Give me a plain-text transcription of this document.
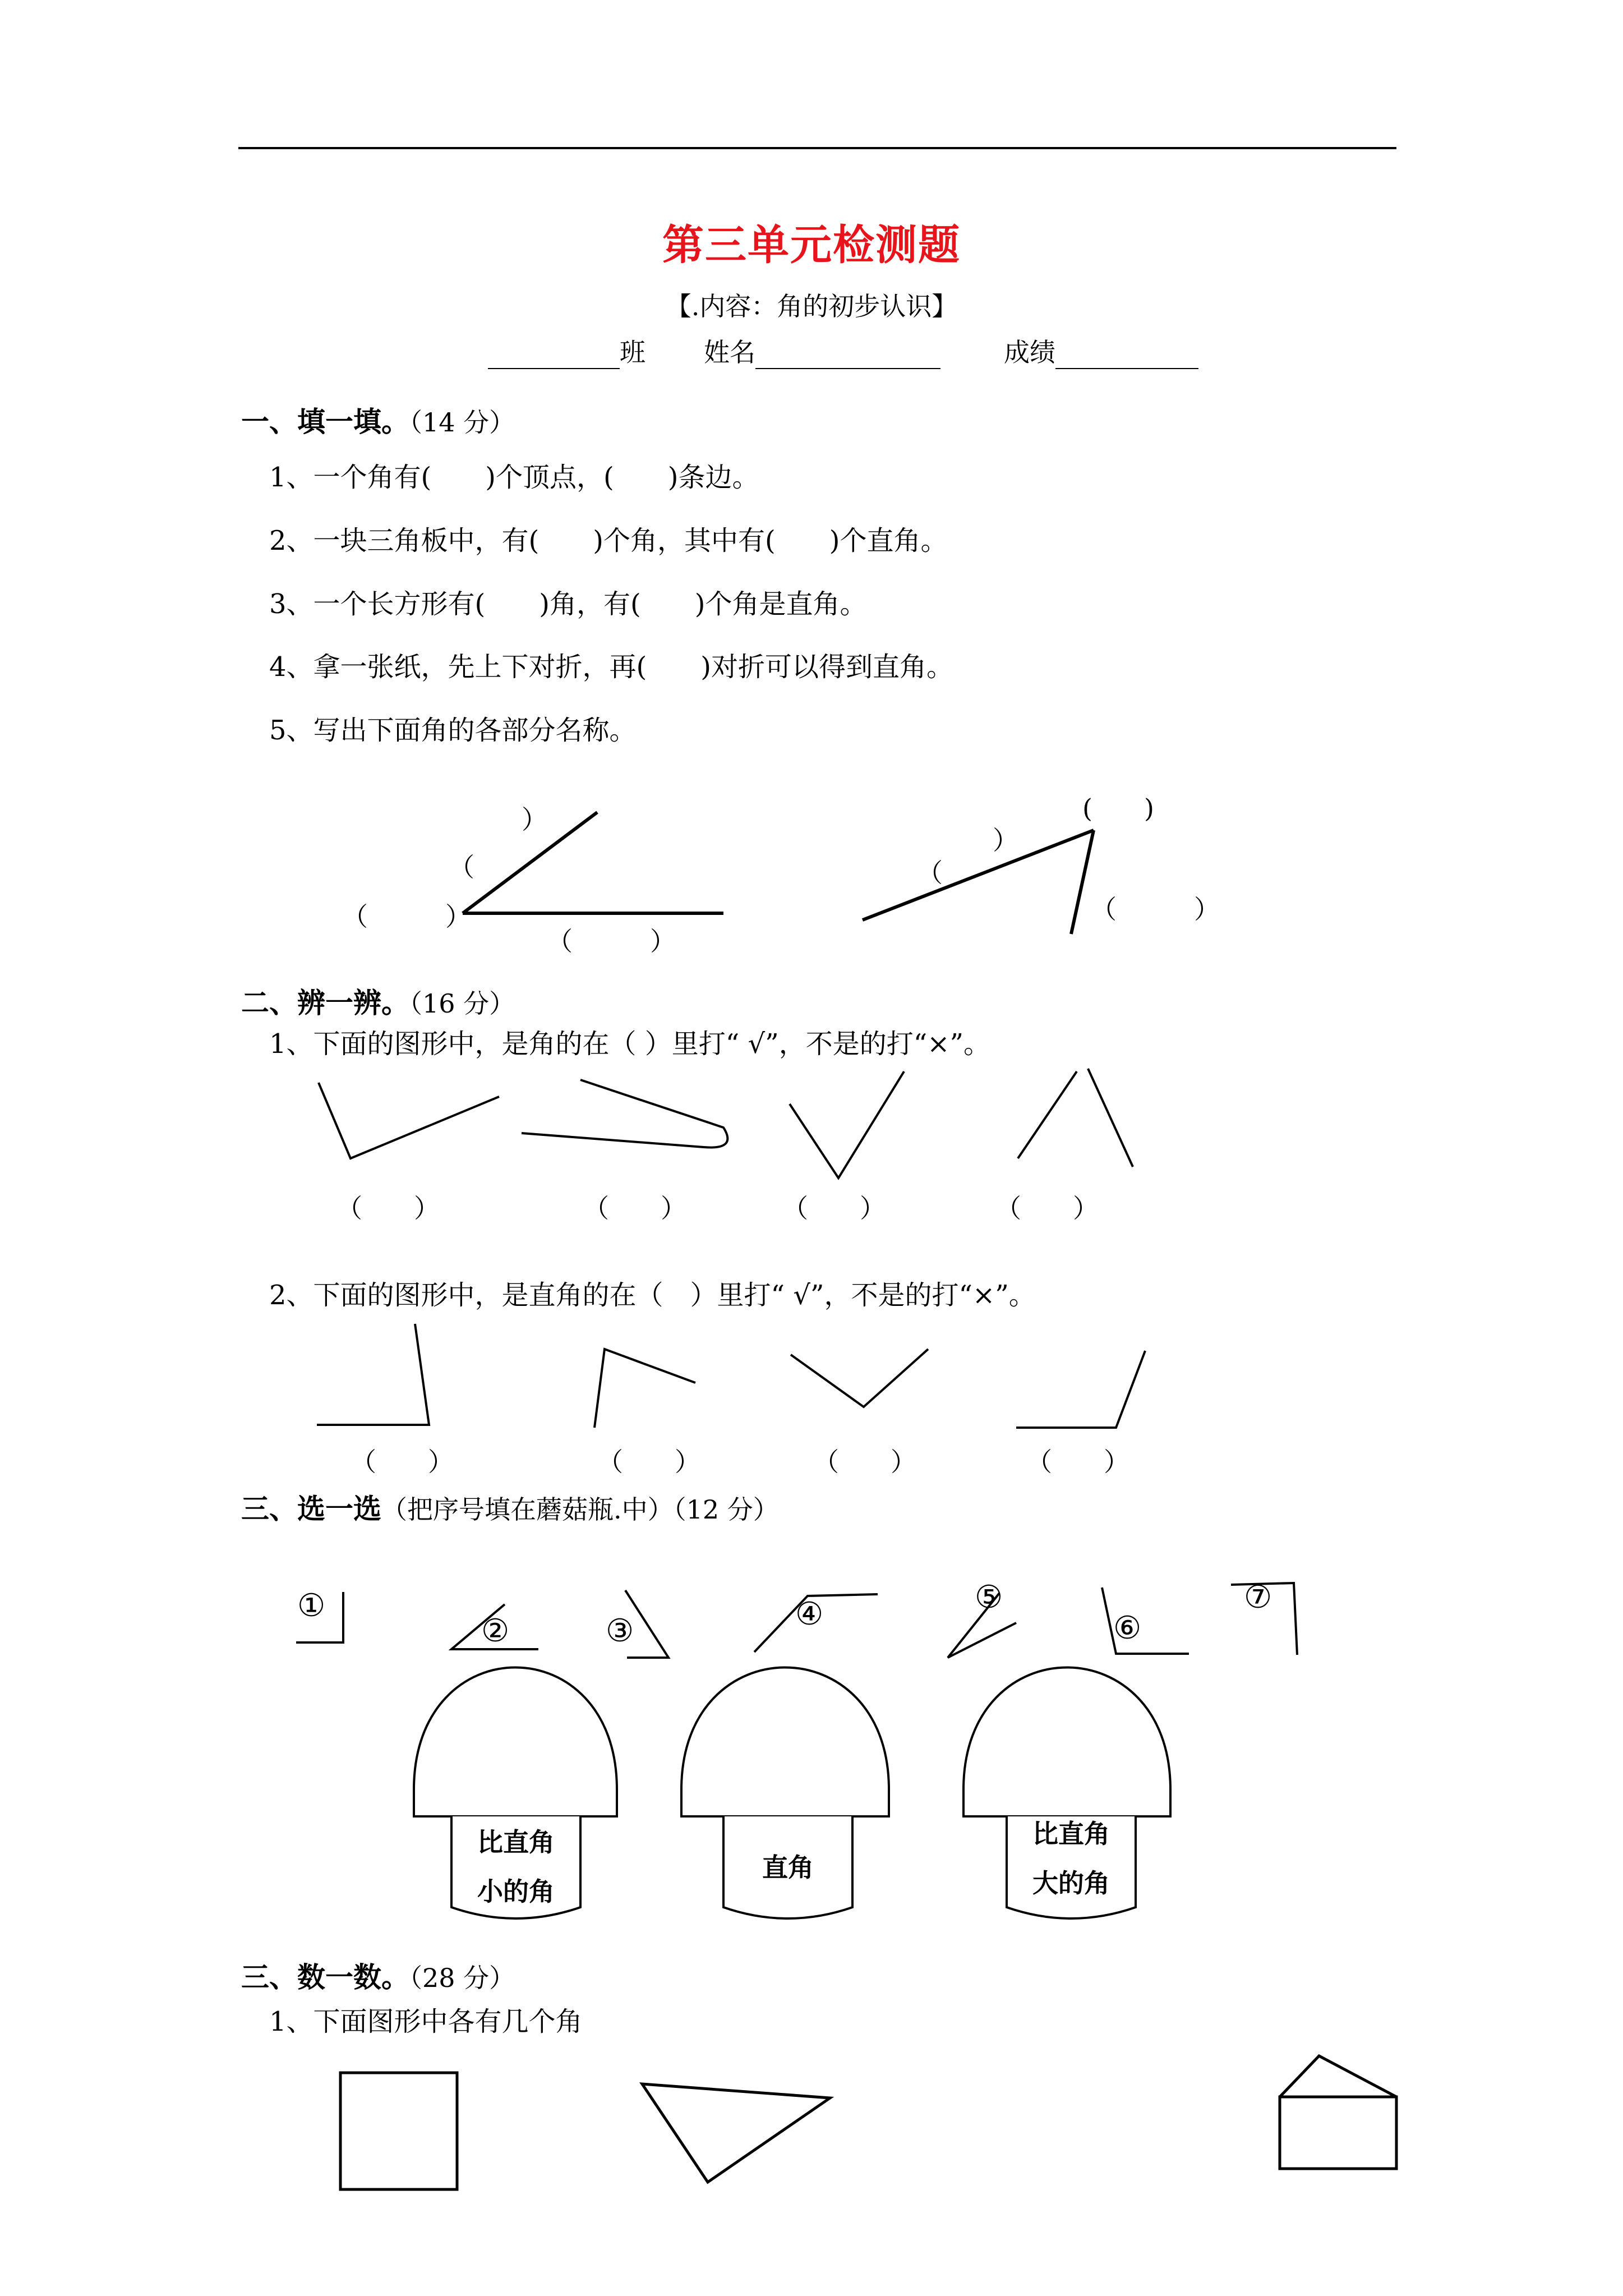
第三单元检测题
【.内容：角的初步认识】
班 姓名	成绩
一、填一填。（14 分）
1、一个角有(　　)个顶点，(　　)条边。
2、一块三角板中，有(　　)个角，其中有(　　)个直角。
3、一个长方形有(　　)角，有(　　)个角是直角。
4、拿一张纸，先上下对折，再(　　)对折可以得到直角。
5、写出下面角的各部分名称。
）
（
（　　　）
（　　　）
(　　)
）
（
（　　　）
二、辨一辨。（16 分）
1、下面的图形中，是角的在（ ）里打“ √”，不是的打“×”。
（　　）	（　　）	（　　）	（　　）
2、下面的图形中，是直角的在（　）里打“ √”，不是的打“×”。
（　　）	（　　）	（　　）	（　　）
三、选一选（把序号填在蘑菇瓶.中）（12 分）
①
②	③	④	⑤
⑥
⑦
比直角
小的角
直角
比直角
大的角
三、数一数。（28 分）
1、下面图形中各有几个角
